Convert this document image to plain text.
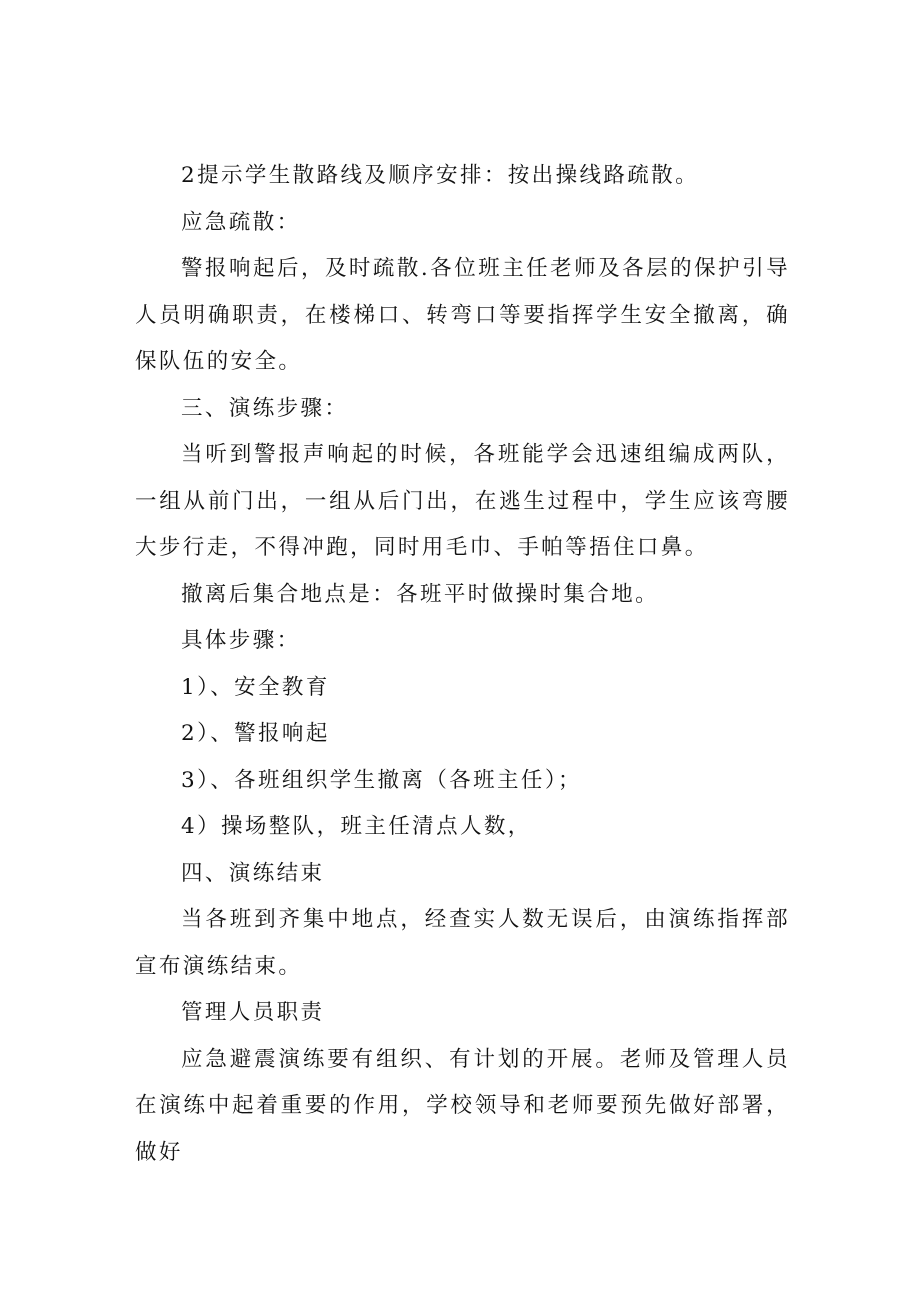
2提示学生散路线及顺序安排：按出操线路疏散。

应急疏散：

警报响起后，及时疏散.各位班主任老师及各层的保护引导人员明确职责，在楼梯口、转弯口等要指挥学生安全撤离，确保队伍的安全。

三、演练步骤：

当听到警报声响起的时候，各班能学会迅速组编成两队，一组从前门出，一组从后门出，在逃生过程中，学生应该弯腰大步行走，不得冲跑，同时用毛巾、手帕等捂住口鼻。

撤离后集合地点是：各班平时做操时集合地。

具体步骤：

1）、安全教育

2）、警报响起

3）、各班组织学生撤离（各班主任）；

4）操场整队，班主任清点人数，

四、演练结束

当各班到齐集中地点，经查实人数无误后，由演练指挥部宣布演练结束。

管理人员职责

应急避震演练要有组织、有计划的开展。老师及管理人员在演练中起着重要的作用，学校领导和老师要预先做好部署，做好
